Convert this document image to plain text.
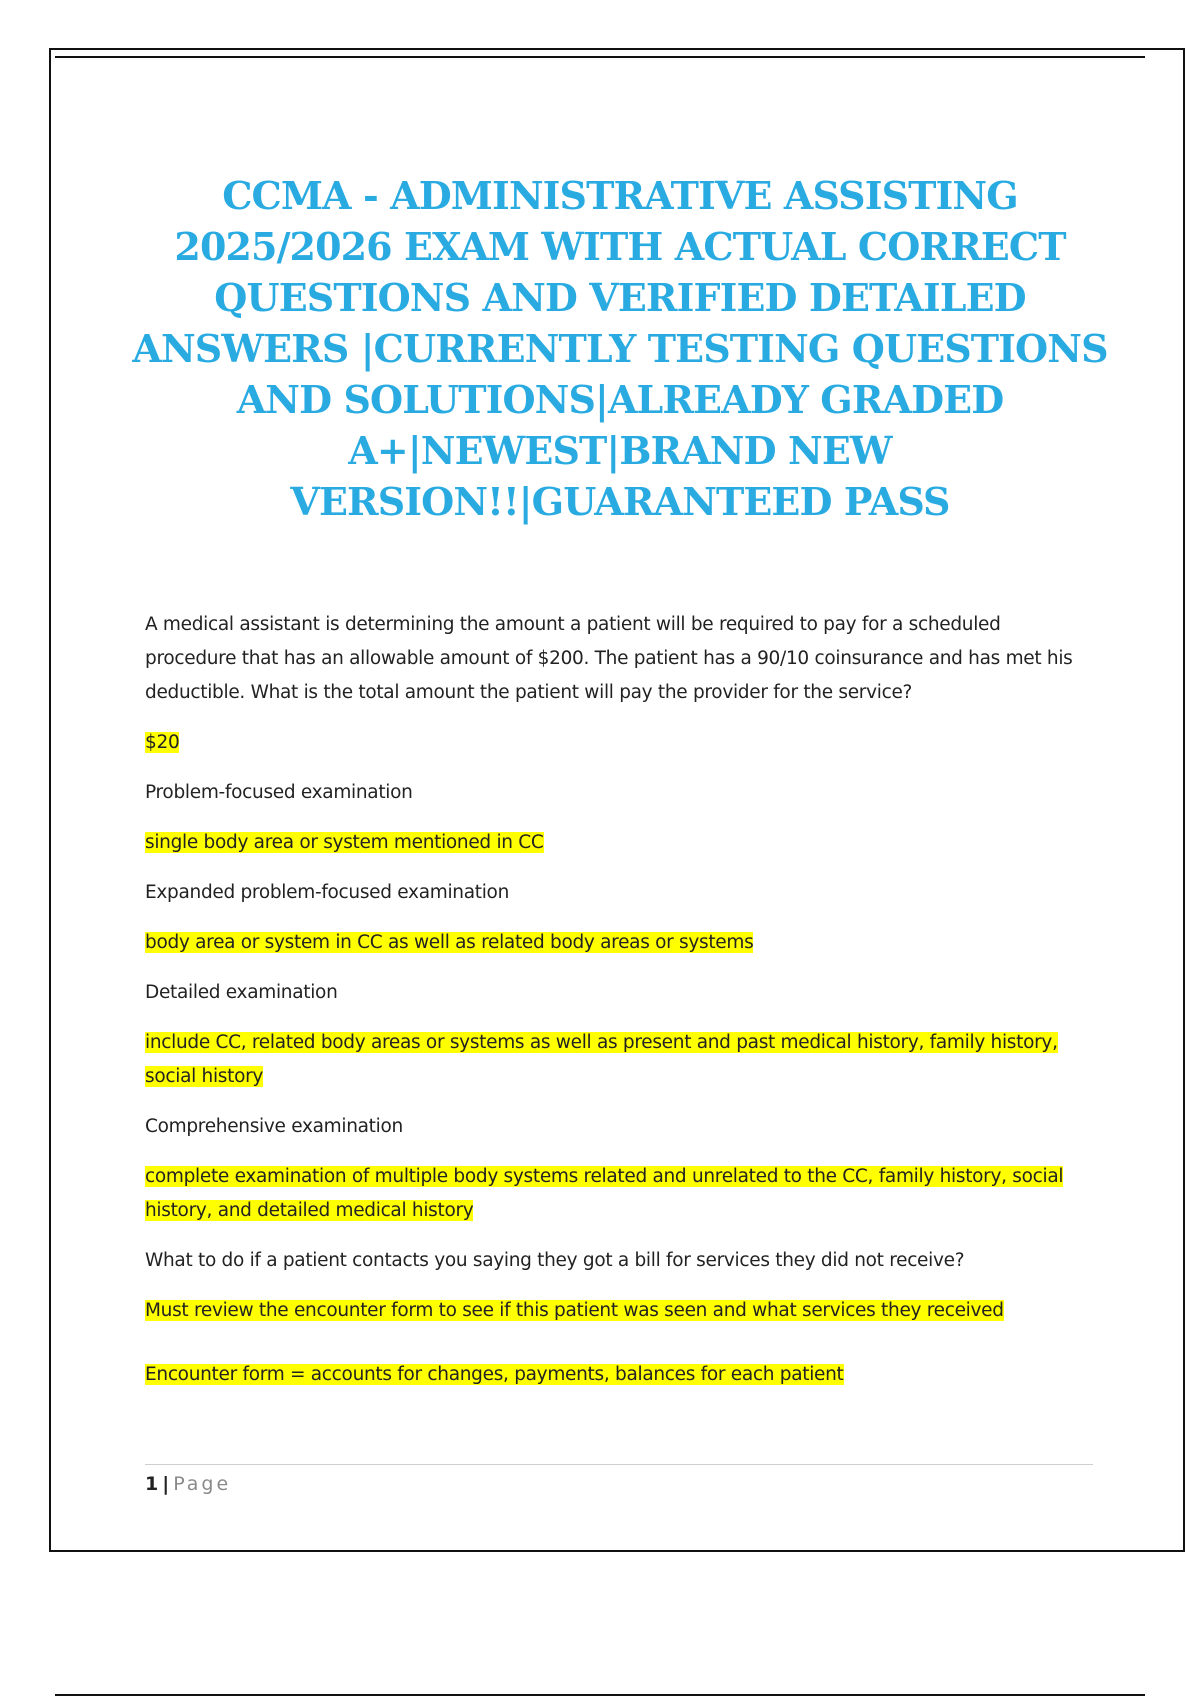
CCMA - ADMINISTRATIVE ASSISTING 2025/2026 EXAM WITH ACTUAL CORRECT QUESTIONS AND VERIFIED DETAILED ANSWERS |CURRENTLY TESTING QUESTIONS AND SOLUTIONS|ALREADY GRADED A+|NEWEST|BRAND NEW VERSION!!|GUARANTEED PASS

A medical assistant is determining the amount a patient will be required to pay for a scheduled procedure that has an allowable amount of $200. The patient has a 90/10 coinsurance and has met his deductible. What is the total amount the patient will pay the provider for the service?

$20

Problem-focused examination

single body area or system mentioned in CC

Expanded problem-focused examination

body area or system in CC as well as related body areas or systems

Detailed examination

include CC, related body areas or systems as well as present and past medical history, family history, social history

Comprehensive examination

complete examination of multiple body systems related and unrelated to the CC, family history, social history, and detailed medical history

What to do if a patient contacts you saying they got a bill for services they did not receive?

Must review the encounter form to see if this patient was seen and what services they received

Encounter form = accounts for changes, payments, balances for each patient

1 | Page
